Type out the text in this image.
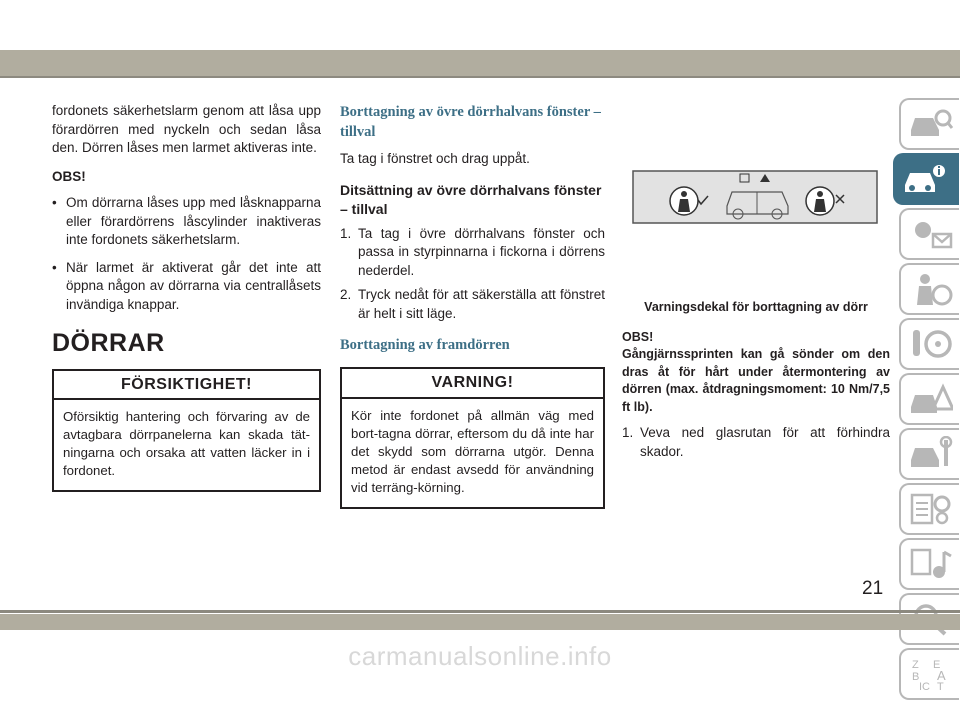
fordonets säkerhetslarm genom att låsa upp förardörren med nyckeln och sedan låsa den. Dörren låses men larmet aktiveras inte.

OBS!
• Om dörrarna låses upp med låsknapparna eller förardörrens låscylinder inaktiveras inte fordonets säkerhetslarm.
• När larmet är aktiverat går det inte att öppna någon av dörrarna via centrallåsets invändiga knappar.
DÖRRAR
FÖRSIKTIGHET!
Oförsiktig hantering och förvaring av de avtagbara dörrpanelerna kan skada tät-ningarna och orsaka att vatten läcker in i fordonet.
Borttagning av övre dörrhalvans fönster – tillval

Ta tag i fönstret och drag uppåt.

Ditsättning av övre dörrhalvans fönster – tillval
1. Ta tag i övre dörrhalvans fönster och passa in styrpinnarna i fickorna i dörrens nederdel.
2. Tryck nedåt för att säkerställa att fönstret är helt i sitt läge.
Borttagning av framdörren
VARNING!
Kör inte fordonet på allmän väg med bort-tagna dörrar, eftersom du då inte har det skydd som dörrarna utgör. Denna metod är endast avsedd för användning vid terräng-körning.
Varningsdekal för borttagning av dörr
OBS!
Gångjärnssprinten kan gå sönder om den dras åt för hårt under återmontering av dörren (max. åtdragningsmoment: 10 Nm/7,5 ft lb).
1. Veva ned glasrutan för att förhindra skador.
Z E
B A
IC T
21
carmanualsonline.info
